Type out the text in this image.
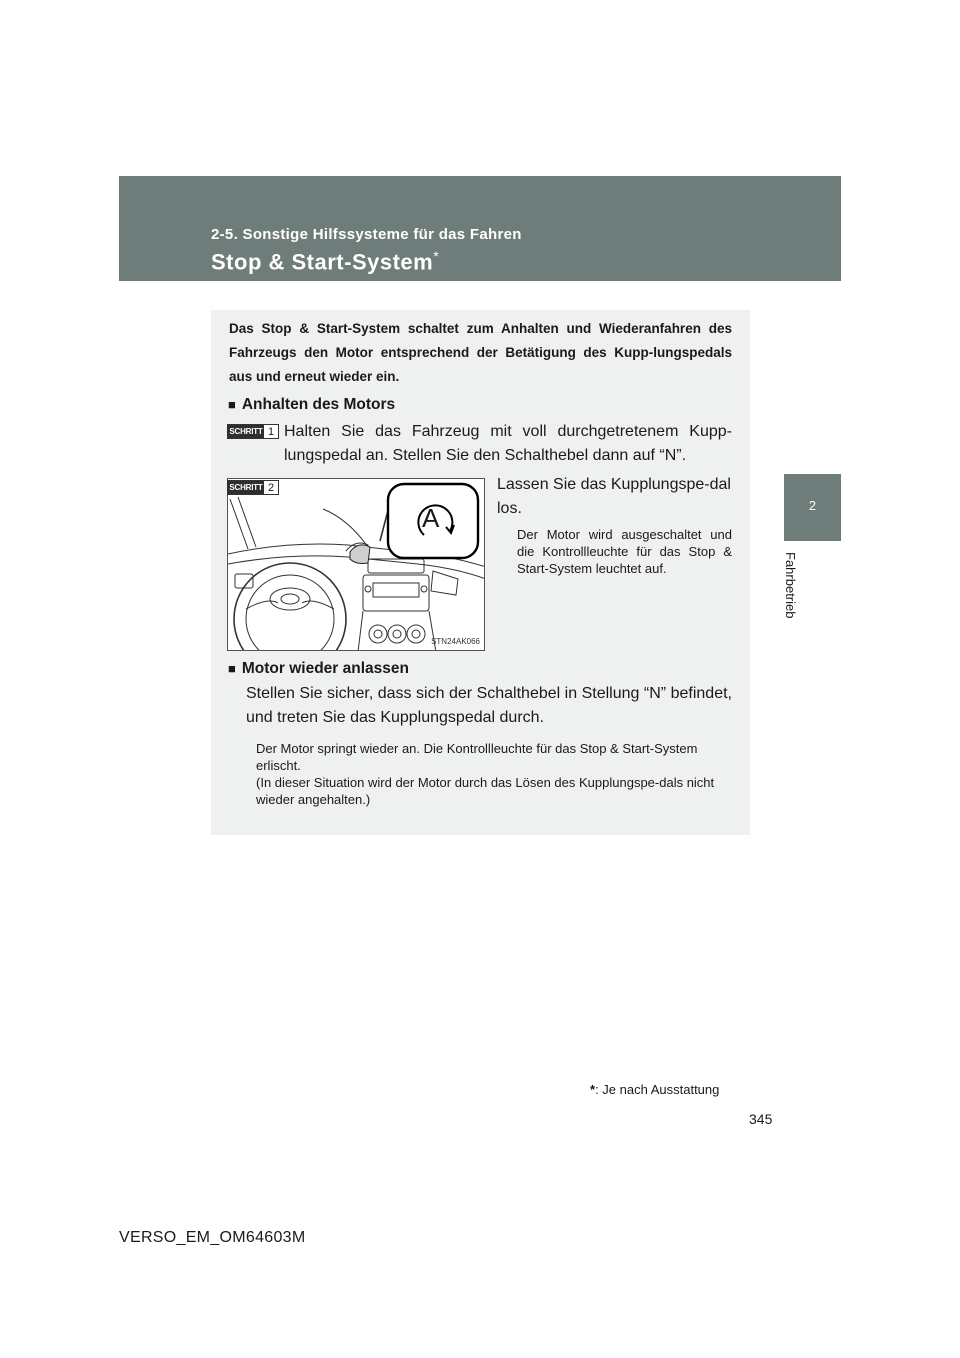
2-5. Sonstige Hilfssysteme für das Fahren
Stop & Start-System*
2
Fahrbetrieb
Das Stop & Start-System schaltet zum Anhalten und Wiederanfahren des Fahrzeugs den Motor entsprechend der Betätigung des Kupp-lungspedals aus und erneut wieder ein.
■ Anhalten des Motors
SCHRITT 1 Halten Sie das Fahrzeug mit voll durchgetretenem Kupp-lungspedal an. Stellen Sie den Schalthebel dann auf “N”.
A
STN24AK066
SCHRITT 2	Lassen Sie das Kupplungspe-dal los.
Der Motor wird ausgeschaltet und die Kontrollleuchte für das Stop & Start-System leuchtet auf.
■ Motor wieder anlassen
Stellen Sie sicher, dass sich der Schalthebel in Stellung “N” befindet, und treten Sie das Kupplungspedal durch.
Der Motor springt wieder an. Die Kontrollleuchte für das Stop & Start-System erlischt.
(In dieser Situation wird der Motor durch das Lösen des Kupplungspe-dals nicht wieder angehalten.)
*: Je nach Ausstattung
345
VERSO_EM_OM64603M
